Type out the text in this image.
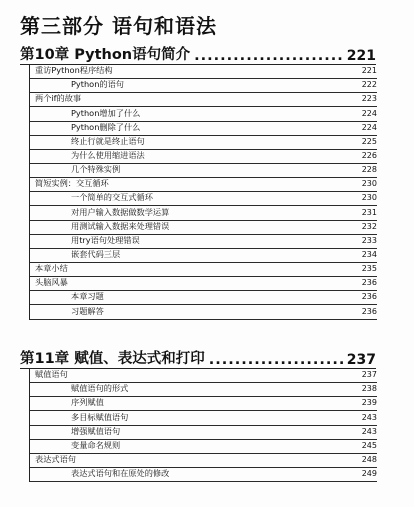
第三部分 语句和语法
第10章 Python语句简介 .....	221
重访Python程序结构	221
Python的语句	222
两个if的故事	223
Python增加了什么	224
Python删除了什么	224
终止行就是终止语句	225
为什么使用缩进语法	226
几个特殊实例	228
简短实例：交互循环	230
一个简单的交互式循环	230
对用户输入数据做数学运算	231
用测试输入数据来处理错误	232
用try语句处理错误	233
嵌套代码三层	234
本章小结	235
头脑风暴	236
本章习题	236
习题解答	236
第11章 赋值、表达式和打印 .....	237
赋值语句	237
赋值语句的形式	238
序列赋值	239
多目标赋值语句	243
增强赋值语句	243
变量命名规则	245
表达式语句	248
表达式语句和在原处的修改	249
